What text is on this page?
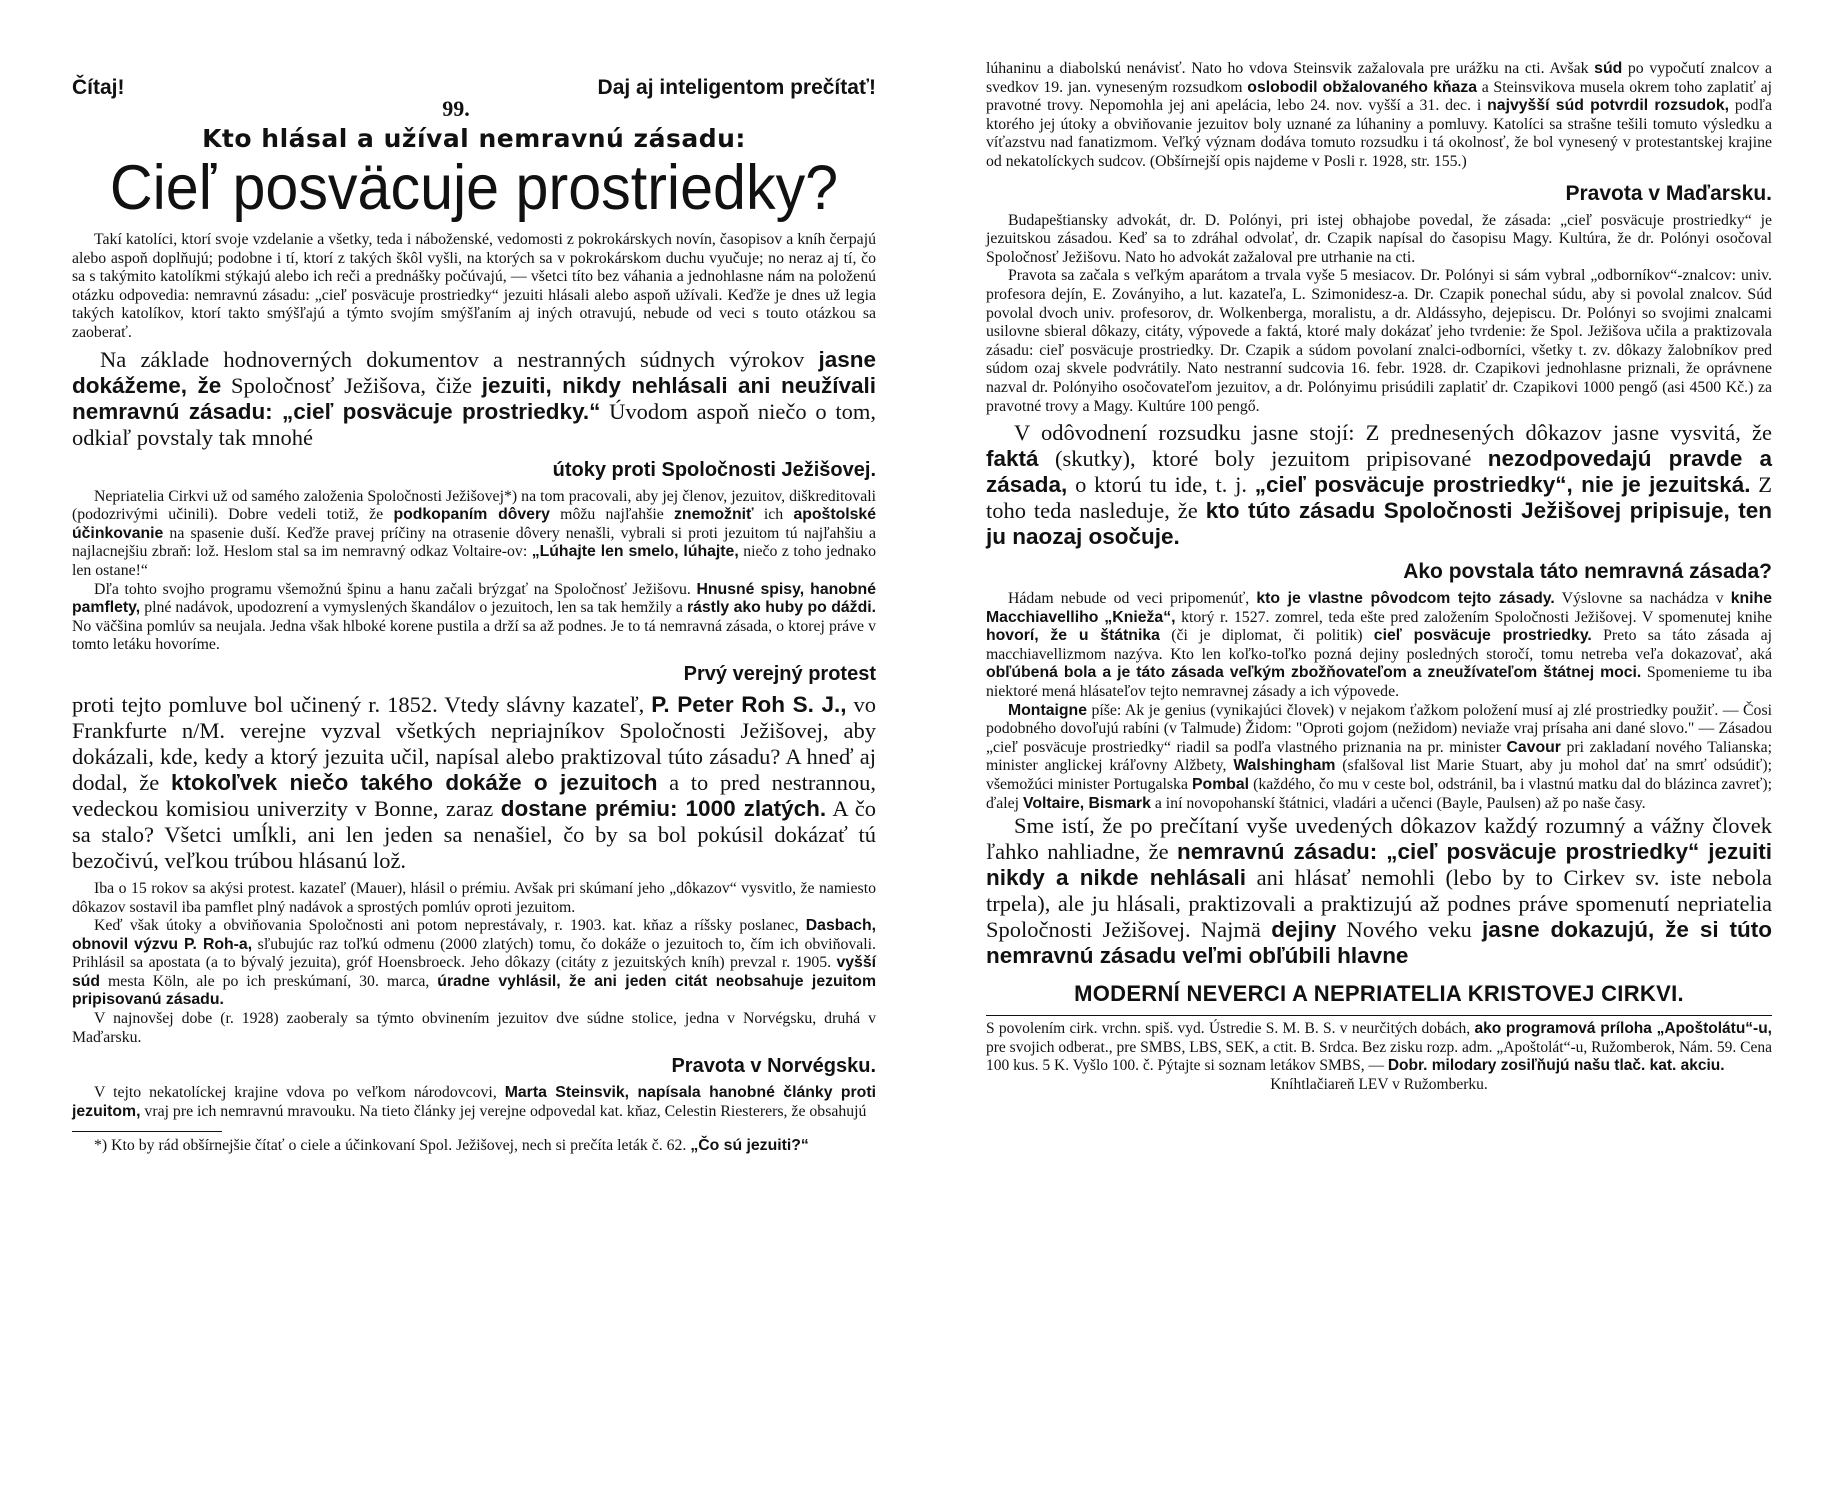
Čítaj!	Daj aj inteligentom prečítať!
99.
Kto hlásal a užíval nemravnú zásadu:
Cieľ posväcuje prostriedky?

Takí katolíci, ktorí svoje vzdelanie a všetky, teda i náboženské, vedomosti z pokrokárskych novín, časopisov a kníh čerpajú alebo aspoň doplňujú; podobne i tí, ktorí z takých škôl vyšli, na ktorých sa v pokrokárskom duchu vyučuje; no neraz aj tí, čo sa s takýmito katolíkmi stýkajú alebo ich reči a prednášky počúvajú, — všetci títo bez váhania a jednohlasne nám na položenú otázku odpovedia: nemravnú zásadu: „cieľ posväcuje prostriedky“ jezuiti hlásali alebo aspoň užívali. Keďže je dnes už legia takých katolíkov, ktorí takto smýšľajú a týmto svojím smýšľaním aj iných otravujú, nebude od veci s touto otázkou sa zaoberať.

Na základe hodnoverných dokumentov a nestranných súdnych výrokov jasne dokážeme, že Spoločnosť Ježišova, čiže jezuiti, nikdy nehlásali ani neužívali nemravnú zásadu: „cieľ posväcuje prostriedky.“ Úvodom aspoň niečo o tom, odkiaľ povstaly tak mnohé

útoky proti Spoločnosti Ježišovej.

Nepriatelia Cirkvi už od samého založenia Spoločnosti Ježišovej*) na tom pracovali, aby jej členov, jezuitov, diškreditovali (podozrivými učinili). Dobre vedeli totiž, že podkopaním dôvery môžu najľahšie znemožniť ich apoštolské účinkovanie na spasenie duší. Keďže pravej príčiny na otrasenie dôvery nenašli, vybrali si proti jezuitom tú najľahšiu a najlacnejšiu zbraň: lož. Heslom stal sa im nemravný odkaz Voltaire-ov: „Lúhajte len smelo, lúhajte, niečo z toho jednako len ostane!“

Dľa tohto svojho programu všemožnú špinu a hanu začali brýzgať na Spoločnosť Ježišovu. Hnusné spisy, hanobné pamflety, plné nadávok, upodozrení a vymyslených škandálov o jezuitoch, len sa tak hemžily a rástly ako huby po dáždi. No väčšina pomlúv sa neujala. Jedna však hlboké korene pustila a drží sa až podnes. Je to tá nemravná zásada, o ktorej práve v tomto letáku hovoríme.

Prvý verejný protest

proti tejto pomluve bol učinený r. 1852. Vtedy slávny kazateľ, P. Peter Roh S. J., vo Frankfurte n/M. verejne vyzval všetkých nepriajníkov Spoločnosti Ježišovej, aby dokázali, kde, kedy a ktorý jezuita učil, napísal alebo praktizoval túto zásadu? A hneď aj dodal, že ktokoľvek niečo takého dokáže o jezuitoch a to pred nestrannou, vedeckou komisiou univerzity v Bonne, zaraz dostane prémiu: 1000 zlatých. A čo sa stalo? Všetci umĺkli, ani len jeden sa nenašiel, čo by sa bol pokúsil dokázať tú bezočivú, veľkou trúbou hlásanú lož.

Iba o 15 rokov sa akýsi protest. kazateľ (Mauer), hlásil o prémiu. Avšak pri skúmaní jeho „dôkazov“ vysvitlo, že namiesto dôkazov sostavil iba pamflet plný nadávok a sprostých pomlúv oproti jezuitom.

Keď však útoky a obviňovania Spoločnosti ani potom neprestávaly, r. 1903. kat. kňaz a ríšsky poslanec, Dasbach, obnovil výzvu P. Roh-a, sľubujúc raz toľkú odmenu (2000 zlatých) tomu, čo dokáže o jezuitoch to, čím ich obviňovali. Prihlásil sa apostata (a to bývalý jezuita), gróf Hoensbroeck. Jeho dôkazy (citáty z jezuitských kníh) prevzal r. 1905. vyšší súd mesta Köln, ale po ich preskúmaní, 30. marca, úradne vyhlásil, že ani jeden citát neobsahuje jezuitom pripisovanú zásadu.

V najnovšej dobe (r. 1928) zaoberaly sa týmto obvinením jezuitov dve súdne stolice, jedna v Norvégsku, druhá v Maďarsku.

Pravota v Norvégsku.

V tejto nekatolíckej krajine vdova po veľkom národovcovi, Marta Steinsvik, napísala hanobné články proti jezuitom, vraj pre ich nemravnú mravouku. Na tieto články jej verejne odpovedal kat. kňaz, Celestin Riesterers, že obsahujú

*) Kto by rád obšírnejšie čítať o ciele a účinkovaní Spol. Ježišovej, nech si prečíta leták č. 62. „Čo sú jezuiti?“

lúhaninu a diabolskú nenávisť. Nato ho vdova Steinsvik zažalovala pre urážku na cti. Avšak súd po vypočutí znalcov a svedkov 19. jan. vyneseným rozsudkom oslobodil obžalovaného kňaza a Steinsvikova musela okrem toho zaplatiť aj pravotné trovy. Nepomohla jej ani apelácia, lebo 24. nov. vyšší a 31. dec. i najvyšší súd potvrdil rozsudok, podľa ktorého jej útoky a obviňovanie jezuitov boly uznané za lúhaniny a pomluvy. Katolíci sa strašne tešili tomuto výsledku a víťazstvu nad fanatizmom. Veľký význam dodáva tomuto rozsudku i tá okolnosť, že bol vynesený v protestantskej krajine od nekatolíckych sudcov. (Obšírnejší opis najdeme v Posli r. 1928, str. 155.)

Pravota v Maďarsku.

Budapeštiansky advokát, dr. D. Polónyi, pri istej obhajobe povedal, že zásada: „cieľ posväcuje prostriedky“ je jezuitskou zásadou. Keď sa to zdráhal odvolať, dr. Czapik napísal do časopisu Magy. Kultúra, že dr. Polónyi osočoval Spoločnosť Ježišovu. Nato ho advokát zažaloval pre utrhanie na cti.

Pravota sa začala s veľkým aparátom a trvala vyše 5 mesiacov. Dr. Polónyi si sám vybral „odborníkov“-znalcov: univ. profesora dejín, E. Zoványiho, a lut. kazateľa, L. Szimonidesz-a. Dr. Czapik ponechal súdu, aby si povolal znalcov. Súd povolal dvoch univ. profesorov, dr. Wolkenberga, moralistu, a dr. Aldássyho, dejepiscu. Dr. Polónyi so svojimi znalcami usilovne sbieral dôkazy, citáty, výpovede a faktá, ktoré maly dokázať jeho tvrdenie: že Spol. Ježišova učila a praktizovala zásadu: cieľ posväcuje prostriedky. Dr. Czapik a súdom povolaní znalci-odborníci, všetky t. zv. dôkazy žalobníkov pred súdom ozaj skvele podvrátily. Nato nestranní sudcovia 16. febr. 1928. dr. Czapikovi jednohlasne priznali, že oprávnene nazval dr. Polónyiho osočovateľom jezuitov, a dr. Polónyimu prisúdili zaplatiť dr. Czapikovi 1000 pengő (asi 4500 Kč.) za pravotné trovy a Magy. Kultúre 100 pengő.

V odôvodnení rozsudku jasne stojí: Z prednesených dôkazov jasne vysvitá, že faktá (skutky), ktoré boly jezuitom pripisované nezodpovedajú pravde a zásada, o ktorú tu ide, t. j. „cieľ posväcuje prostriedky“, nie je jezuitská. Z toho teda nasleduje, že kto túto zásadu Spoločnosti Ježišovej pripisuje, ten ju naozaj osočuje.

Ako povstala táto nemravná zásada?

Hádam nebude od veci pripomenúť, kto je vlastne pôvodcom tejto zásady. Výslovne sa nachádza v knihe Macchiavelliho „Knieža“, ktorý r. 1527. zomrel, teda ešte pred založením Spoločnosti Ježišovej. V spomenutej knihe hovorí, že u štátnika (či je diplomat, či politik) cieľ posväcuje prostriedky. Preto sa táto zásada aj macchiavellizmom nazýva. Kto len koľko-toľko pozná dejiny posledných storočí, tomu netreba veľa dokazovať, aká obľúbená bola a je táto zásada veľkým zbožňovateľom a zneužívateľom štátnej moci. Spomenieme tu iba niektoré mená hlásateľov tejto nemravnej zásady a ich výpovede.

Montaigne píše: Ak je genius (vynikajúci človek) v nejakom ťažkom položení musí aj zlé prostriedky použiť. — Čosi podobného dovoľujú rabíni (v Talmude) Židom: "Oproti gojom (nežidom) neviaže vraj prísaha ani dané slovo." — Zásadou „cieľ posväcuje prostriedky“ riadil sa podľa vlastného priznania na pr. minister Cavour pri zakladaní nového Talianska; minister anglickej kráľovny Alžbety, Walshingham (sfalšoval list Marie Stuart, aby ju mohol dať na smrť odsúdiť); všemožúci minister Portugalska Pombal (každého, čo mu v ceste bol, odstránil, ba i vlastnú matku dal do blázinca zavreť); ďalej Voltaire, Bismark a iní novopohanskí štátnici, vladári a učenci (Bayle, Paulsen) až po naše časy.

Sme istí, že po prečítaní vyše uvedených dôkazov každý rozumný a vážny človek ľahko nahliadne, že nemravnú zásadu: „cieľ posväcuje prostriedky“ jezuiti nikdy a nikde nehlásali ani hlásať nemohli (lebo by to Cirkev sv. iste nebola trpela), ale ju hlásali, praktizovali a praktizujú až podnes práve spomenutí nepriatelia Spoločnosti Ježišovej. Najmä dejiny Nového veku jasne dokazujú, že si túto nemravnú zásadu veľmi obľúbili hlavne

MODERNÍ NEVERCI A NEPRIATELIA KRISTOVEJ CIRKVI.
S povolením cirk. vrchn. spiš. vyd. Ústredie S. M. B. S. v neurčitých dobách, ako programová príloha „Apoštolátu“-u, pre svojich odberat., pre SMBS, LBS, SEK, a ctit. B. Srdca. Bez zisku rozp. adm. „Apoštolát“-u, Ružomberok, Nám. 59. Cena 100 kus. 5 K. Vyšlo 100. č. Pýtajte si soznam letákov SMBS, — Dobr. milodary zosiľňujú našu tlač. kat. akciu.
Kníhtlačiareň LEV v Ružomberku.
